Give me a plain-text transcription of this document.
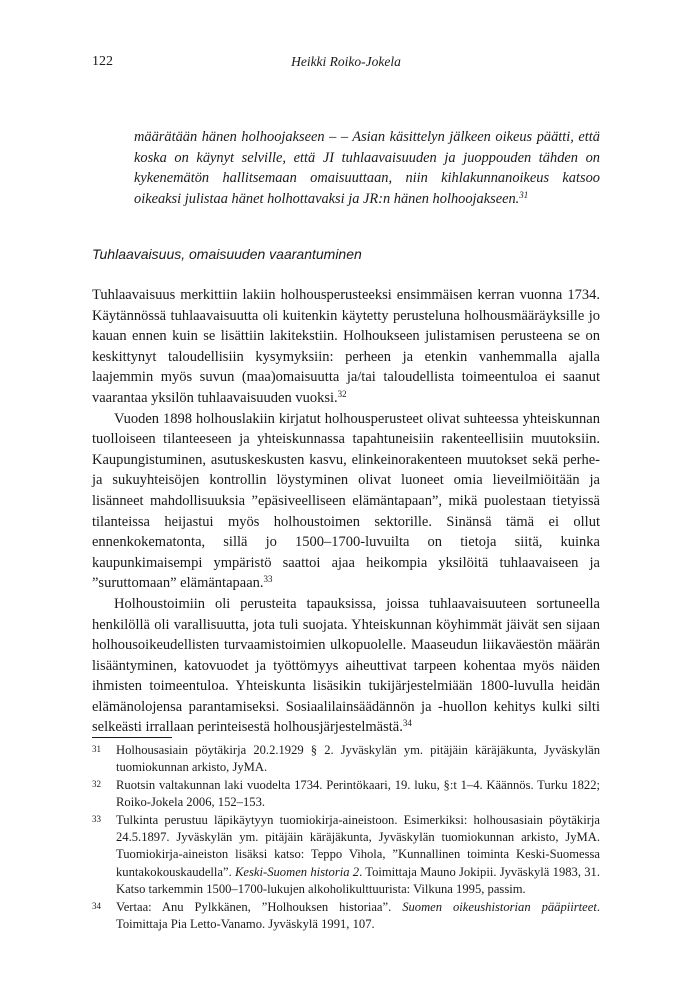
122	Heikki Roiko-Jokela

määrätään hänen holhoojakseen – – Asian käsittelyn jälkeen oikeus päätti, että koska on käynyt selville, että JI tuhlaavaisuuden ja juoppouden tähden on kykenemätön hallitsemaan omaisuuttaan, niin kihlakunnanoikeus katsoo oikeaksi julistaa hänet holhottavaksi ja JR:n hänen holhoojakseen.$^{31}$

Tuhlaavaisuus, omaisuuden vaarantuminen

Tuhlaavaisuus merkittiin lakiin holhousperusteeksi ensimmäisen kerran vuonna 1734. Käytännössä tuhlaavaisuutta oli kuitenkin käytetty perusteluna holhousmääräyksille jo kauan ennen kuin se lisättiin lakitekstiin. Holhoukseen julistamisen perusteena se on keskittynyt taloudellisiin kysymyksiin: perheen ja etenkin vanhemmalla ajalla laajemmin myös suvun (maa)omaisuutta ja/tai taloudellista toimeentuloa ei saanut vaarantaa yksilön tuhlaavaisuuden vuoksi.$^{32}$

Vuoden 1898 holhouslakiin kirjatut holhousperusteet olivat suhteessa yhteiskunnan tuolloiseen tilanteeseen ja yhteiskunnassa tapahtuneisiin rakenteellisiin muutoksiin. Kaupungistuminen, asutuskeskusten kasvu, elinkeinorakenteen muutokset sekä perhe- ja sukuyhteisöjen kontrollin löystyminen olivat luoneet omia lieveilmiöitään ja lisänneet mahdollisuuksia ”epäsiveelliseen elämäntapaan”, mikä puolestaan tietyissä tilanteissa heijastui myös holhoustoimen sektorille. Sinänsä tämä ei ollut ennenkokematonta, sillä jo 1500–1700-luvuilta on tietoja siitä, kuinka kaupunkimaisempi ympäristö saattoi ajaa heikompia yksilöitä tuhlaavaiseen ja ”suruttomaan” elämäntapaan.$^{33}$

Holhoustoimiin oli perusteita tapauksissa, joissa tuhlaavaisuuteen sortuneella henkilöllä oli varallisuutta, jota tuli suojata. Yhteiskunnan köyhimmät jäivät sen sijaan holhousoikeudellisten turvaamistoimien ulkopuolelle. Maaseudun liikaväestön määrän lisääntyminen, katovuodet ja työttömyys aiheuttivat tarpeen kohentaa myös näiden ihmisten toimeentuloa. Yhteiskunta lisäsikin tukijärjestelmiään 1800-luvulla heidän elämänolojensa parantamiseksi. Sosiaalilainsäädännön ja -huollon kehitys kulki silti selkeästi irrallaan perinteisestä holhousjärjestelmästä.$^{34}$

31 Holhousasiain pöytäkirja 20.2.1929 § 2. Jyväskylän ym. pitäjäin käräjäkunta, Jyväskylän tuomiokunnan arkisto, JyMA.
32 Ruotsin valtakunnan laki vuodelta 1734. Perintökaari, 19. luku, §:t 1–4. Käännös. Turku 1822; Roiko-Jokela 2006, 152–153.
33 Tulkinta perustuu läpikäytyyn tuomiokirja-aineistoon. Esimerkiksi: holhousasiain pöytäkirja 24.5.1897. Jyväskylän ym. pitäjäin käräjäkunta, Jyväskylän tuomiokunnan arkisto, JyMA. Tuomiokirja-aineiston lisäksi katso: Teppo Vihola, ”Kunnallinen toiminta Keski-Suomessa kuntakokouskaudella”. Keski-Suomen historia 2. Toimittaja Mauno Jokipii. Jyväskylä 1983, 31. Katso tarkemmin 1500–1700-lukujen alkoholikulttuurista: Vilkuna 1995, passim.
34 Vertaa: Anu Pylkkänen, ”Holhouksen historiaa”. Suomen oikeushistorian pääpiirteet. Toimittaja Pia Letto-Vanamo. Jyväskylä 1991, 107.
